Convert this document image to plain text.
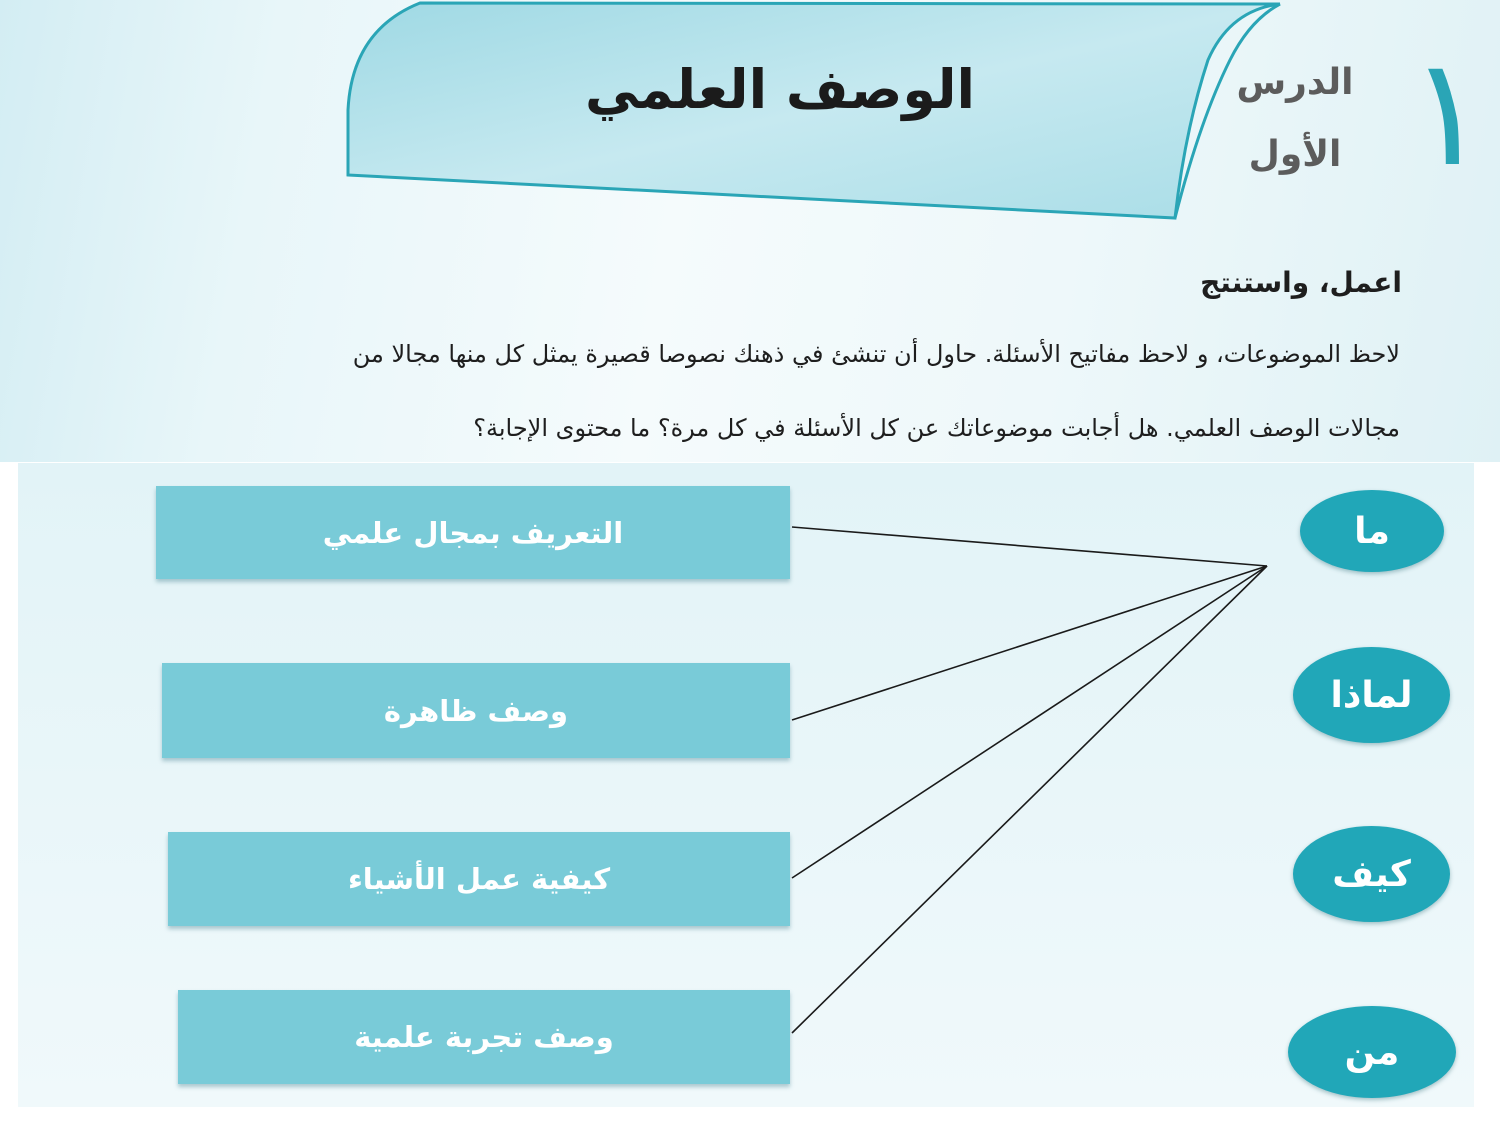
الوصف العلمي	الدرس
الأول ١
اعمل، واستنتج
لاحظ الموضوعات، و لاحظ مفاتيح الأسئلة. حاول أن تنشئ في ذهنك نصوصا قصيرة يمثل كل منها مجالا من
مجالات الوصف العلمي. هل أجابت موضوعاتك عن كل الأسئلة في كل مرة؟ ما محتوى الإجابة؟
التعريف بمجال علمي
وصف ظاهرة
كيفية عمل الأشياء
وصف تجربة علمية
ما
لماذا
كيف
من
